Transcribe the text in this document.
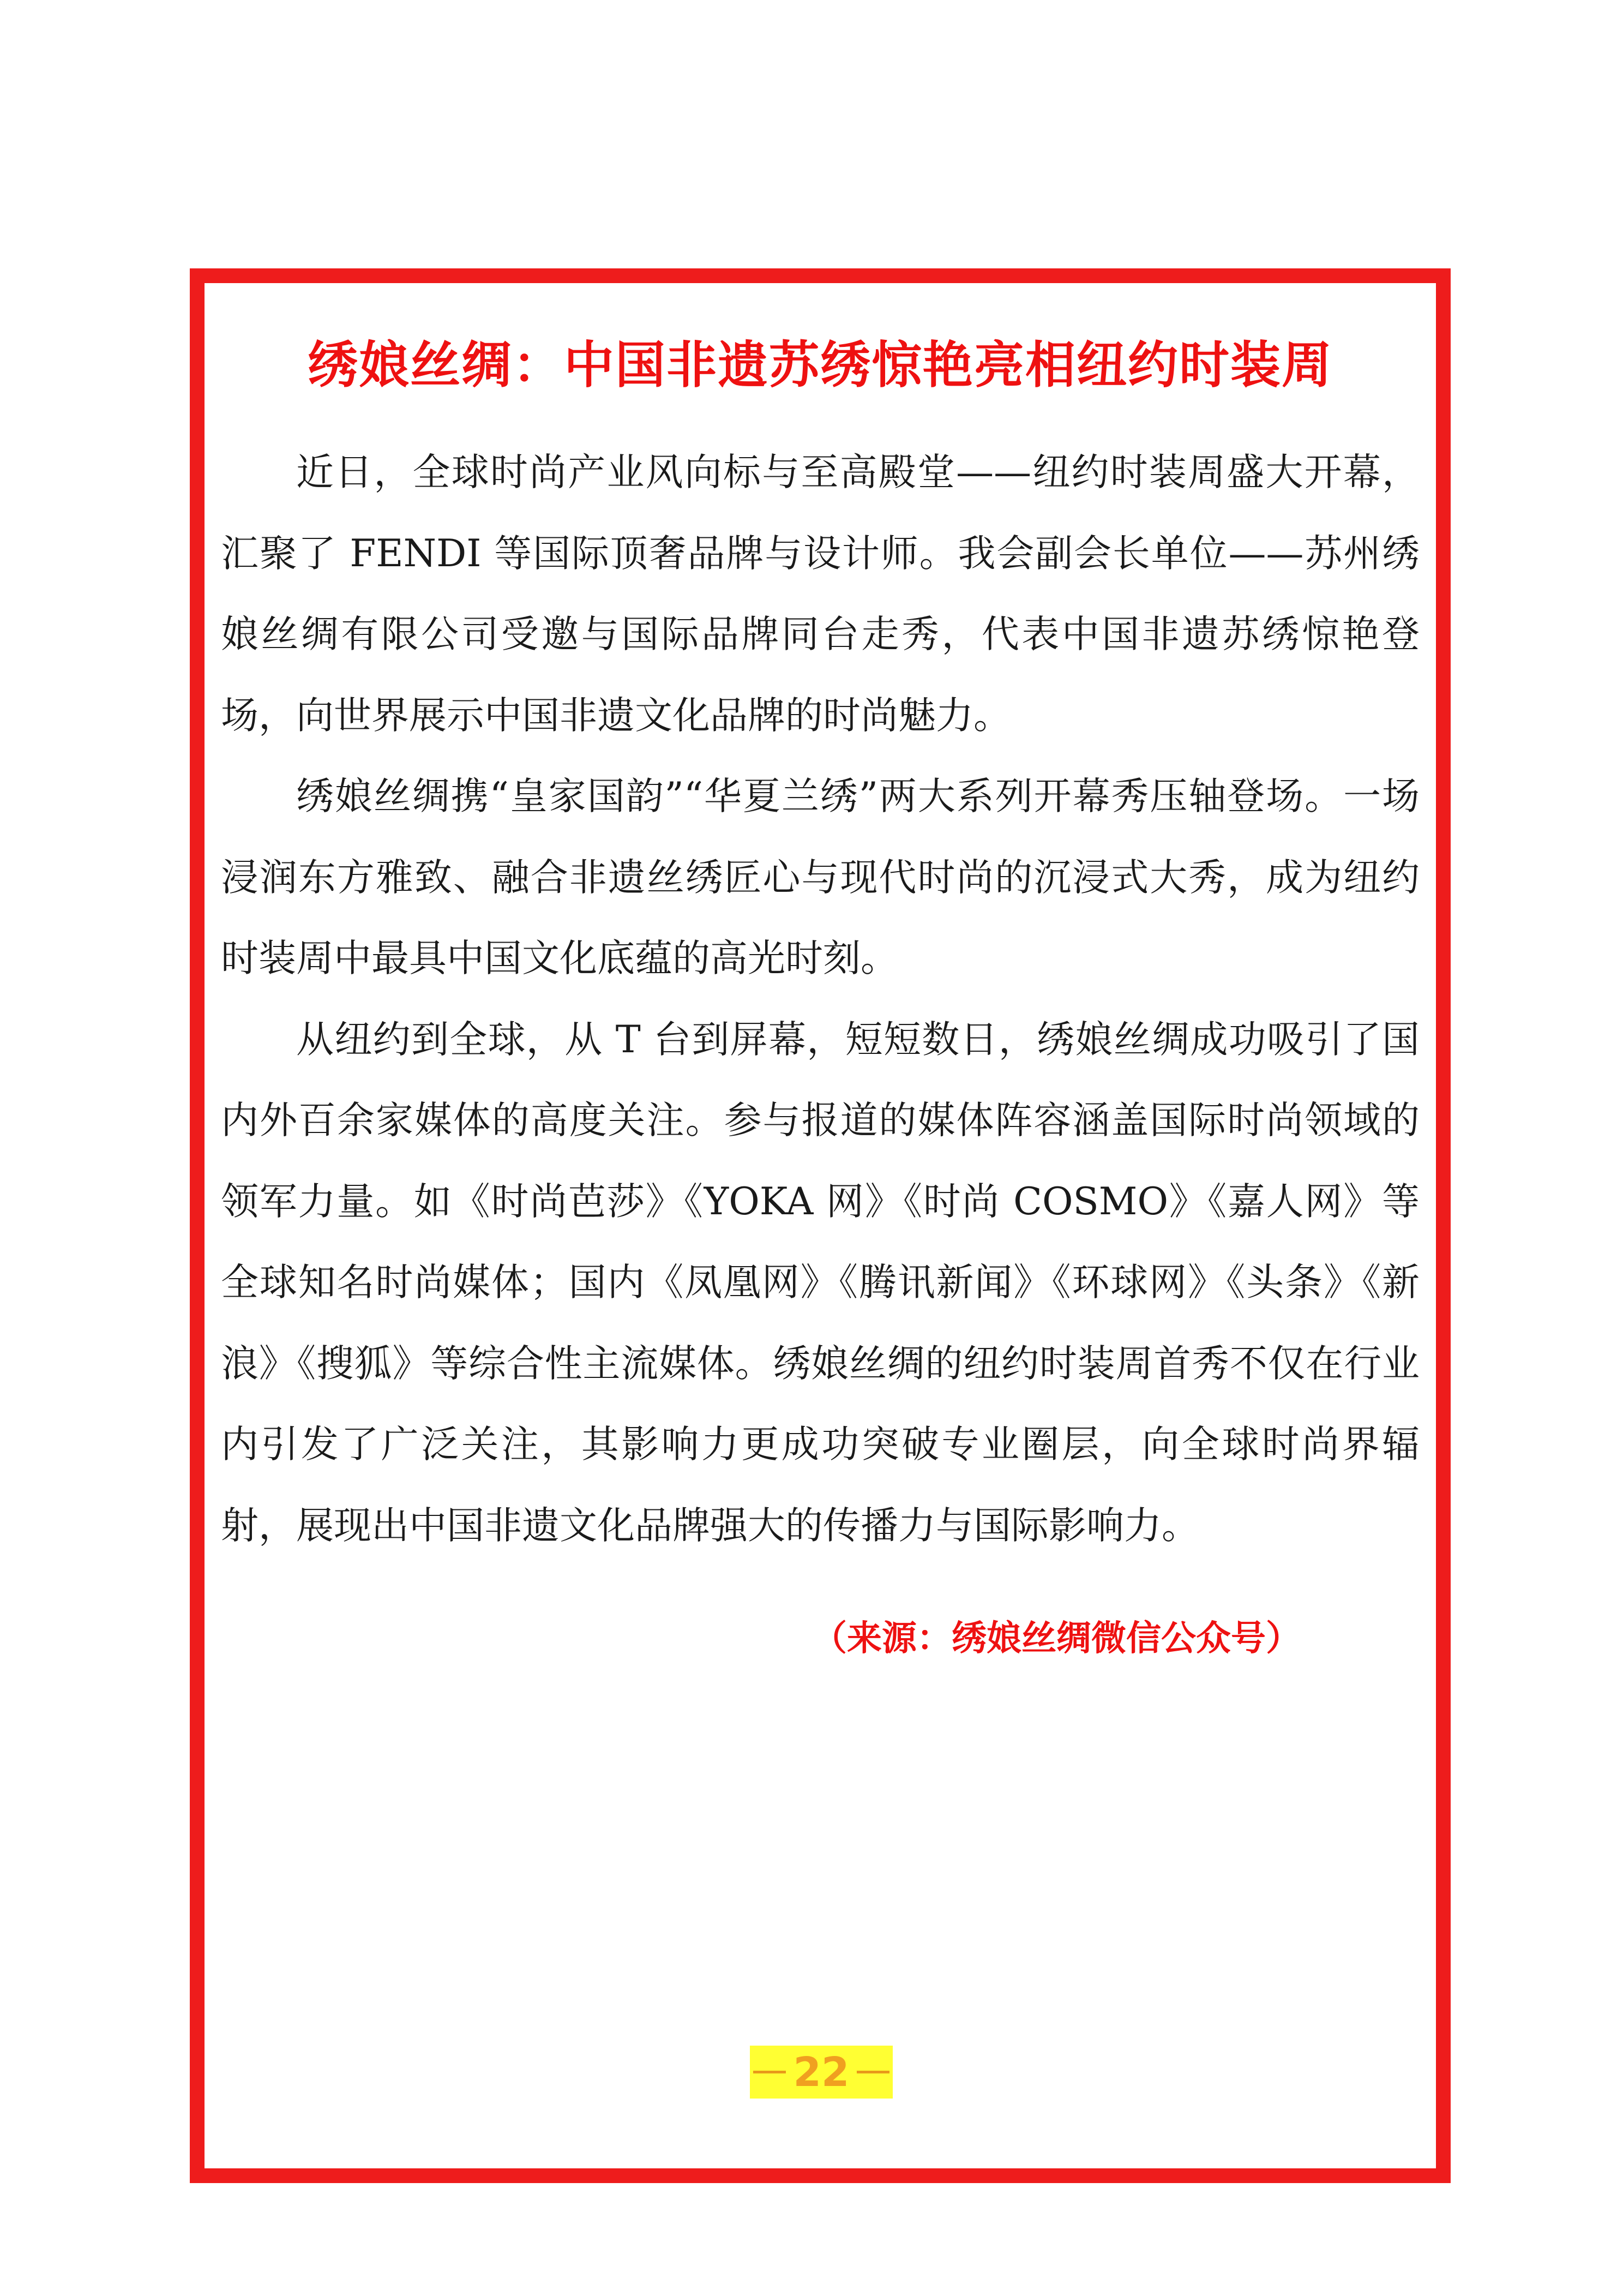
绣娘丝绸：中国非遗苏绣惊艳亮相纽约时装周

近日，全球时尚产业风向标与至高殿堂——纽约时装周盛大开幕，汇聚了 FENDI 等国际顶奢品牌与设计师。我会副会长单位——苏州绣娘丝绸有限公司受邀与国际品牌同台走秀，代表中国非遗苏绣惊艳登场，向世界展示中国非遗文化品牌的时尚魅力。

绣娘丝绸携“皇家国韵”“华夏兰绣”两大系列开幕秀压轴登场。一场浸润东方雅致、融合非遗丝绣匠心与现代时尚的沉浸式大秀，成为纽约时装周中最具中国文化底蕴的高光时刻。

从纽约到全球，从 T 台到屏幕，短短数日，绣娘丝绸成功吸引了国内外百余家媒体的高度关注。参与报道的媒体阵容涵盖国际时尚领域的领军力量。如《时尚芭莎》《YOKA 网》《时尚 COSMO》《嘉人网》等全球知名时尚媒体；国内《凤凰网》《腾讯新闻》《环球网》《头条》《新浪》《搜狐》等综合性主流媒体。绣娘丝绸的纽约时装周首秀不仅在行业内引发了广泛关注，其影响力更成功突破专业圈层，向全球时尚界辐射，展现出中国非遗文化品牌强大的传播力与国际影响力。

（来源：绣娘丝绸微信公众号）

22
